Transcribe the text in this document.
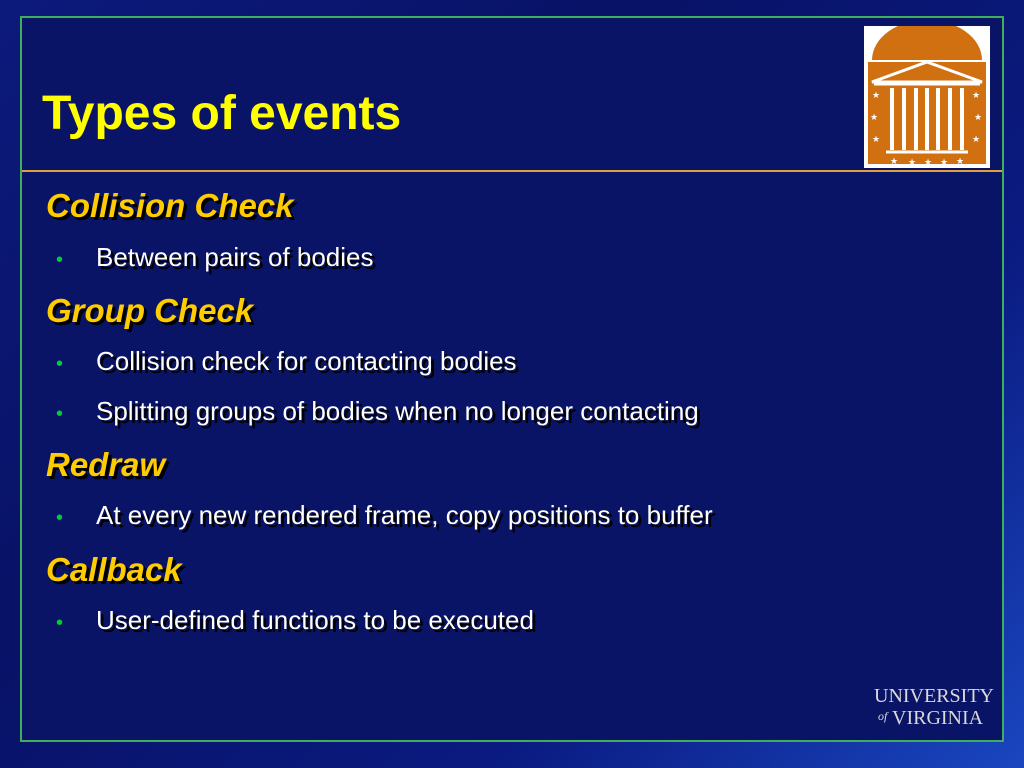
Types of events	★	★
★	★
★	★
★ ★ ★ ★ ★
Collision Check
•	Between pairs of bodies
Group Check
•	Collision check for contacting bodies
•	Splitting groups of bodies when no longer contacting
Redraw
•	At every new rendered frame, copy positions to buffer
Callback
•	User-defined functions to be executed
UNIVERSITY
of VIRGINIA
